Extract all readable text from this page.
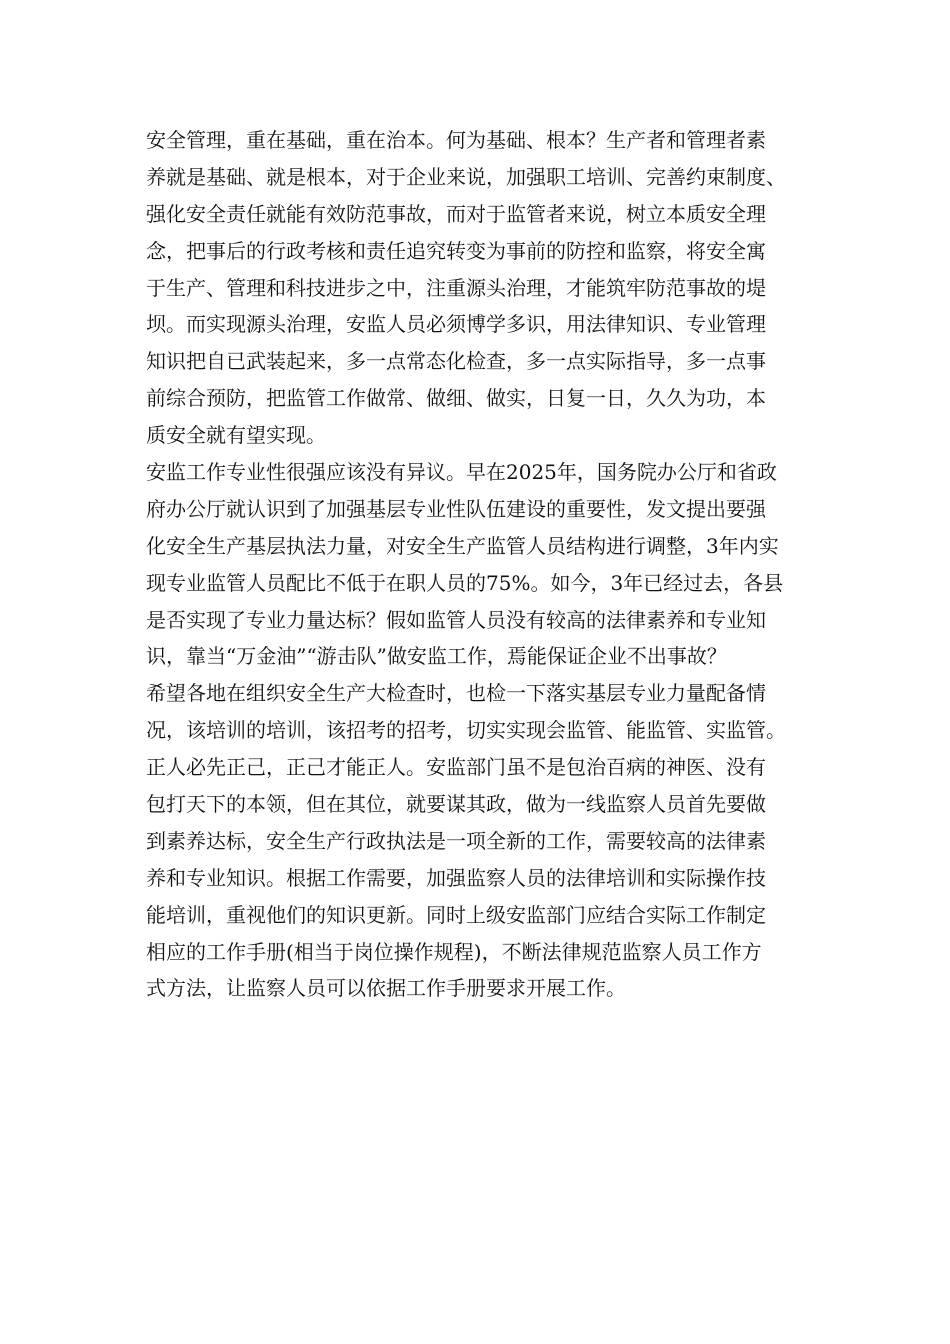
安全管理，重在基础，重在治本。何为基础、根本？生产者和管理者素
养就是基础、就是根本，对于企业来说，加强职工培训、完善约束制度、
强化安全责任就能有效防范事故，而对于监管者来说，树立本质安全理
念，把事后的行政考核和责任追究转变为事前的防控和监察，将安全寓
于生产、管理和科技进步之中，注重源头治理，才能筑牢防范事故的堤
坝。而实现源头治理，安监人员必须博学多识，用法律知识、专业管理
知识把自已武装起来，多一点常态化检查，多一点实际指导，多一点事
前综合预防，把监管工作做常、做细、做实，日复一日，久久为功，本
质安全就有望实现。
安监工作专业性很强应该没有异议。早在2025年，国务院办公厅和省政
府办公厅就认识到了加强基层专业性队伍建设的重要性，发文提出要强
化安全生产基层执法力量，对安全生产监管人员结构进行调整，3年内实
现专业监管人员配比不低于在职人员的75%。如今，3年已经过去，各县
是否实现了专业力量达标？假如监管人员没有较高的法律素养和专业知
识，靠当“万金油”“游击队”做安监工作，焉能保证企业不出事故？
希望各地在组织安全生产大检查时，也检一下落实基层专业力量配备情
况，该培训的培训，该招考的招考，切实实现会监管、能监管、实监管。
正人必先正己，正己才能正人。安监部门虽不是包治百病的神医、没有
包打天下的本领，但在其位，就要谋其政，做为一线监察人员首先要做
到素养达标，安全生产行政执法是一项全新的工作，需要较高的法律素
养和专业知识。根据工作需要，加强监察人员的法律培训和实际操作技
能培训，重视他们的知识更新。同时上级安监部门应结合实际工作制定
相应的工作手册(相当于岗位操作规程)，不断法律规范监察人员工作方
式方法，让监察人员可以依据工作手册要求开展工作。
